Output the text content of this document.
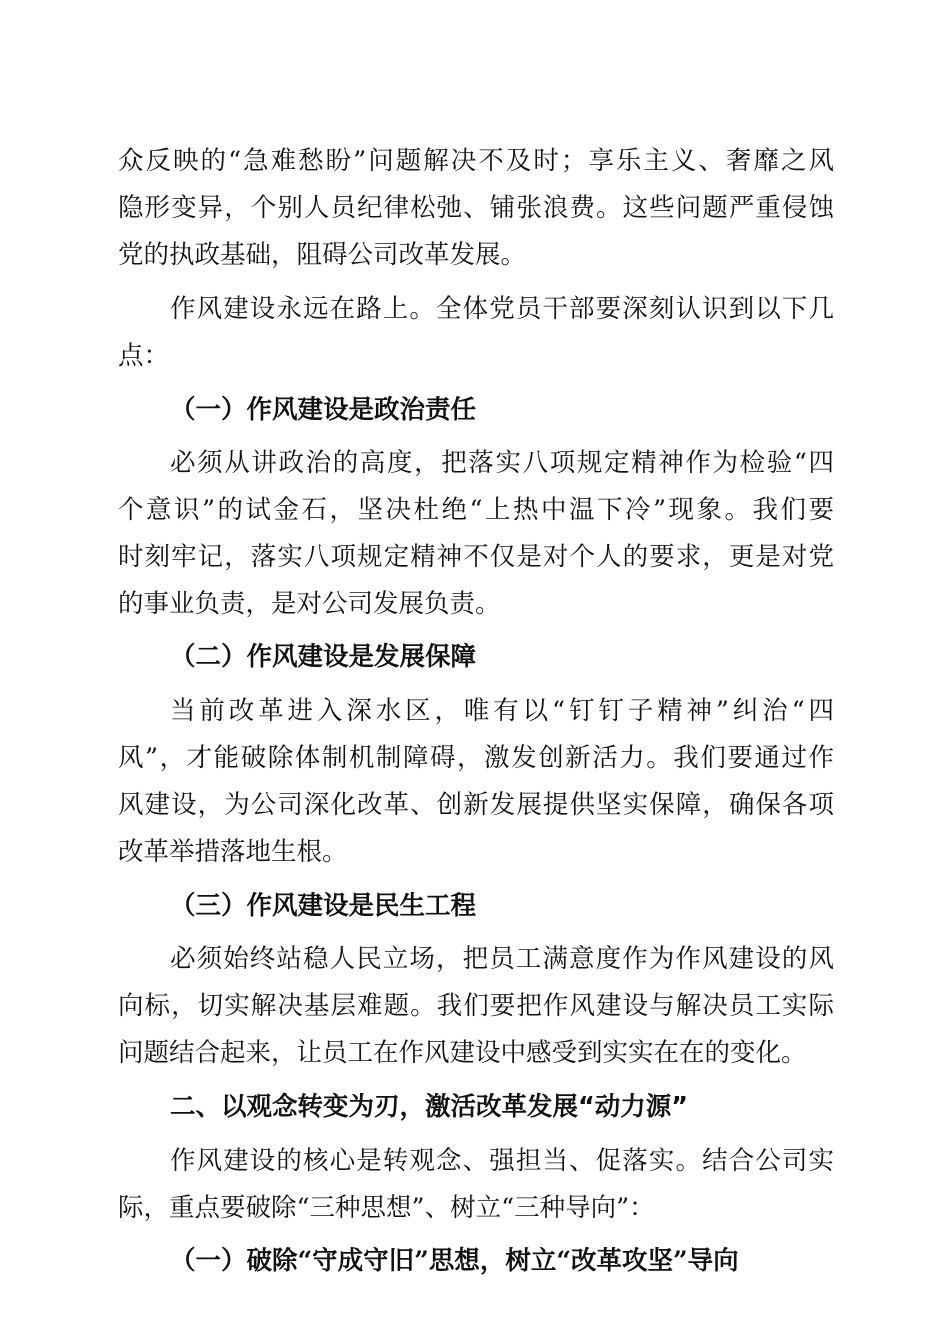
众反映的“急难愁盼”问题解决不及时；享乐主义、奢靡之风
隐形变异，个别人员纪律松弛、铺张浪费。这些问题严重侵蚀
党的执政基础，阻碍公司改革发展。
作风建设永远在路上。全体党员干部要深刻认识到以下几
点：
（一）作风建设是政治责任
必须从讲政治的高度，把落实八项规定精神作为检验“四
个意识”的试金石，坚决杜绝“上热中温下冷”现象。我们要
时刻牢记，落实八项规定精神不仅是对个人的要求，更是对党
的事业负责，是对公司发展负责。
（二）作风建设是发展保障
当前改革进入深水区，唯有以“钉钉子精神”纠治“四
风”，才能破除体制机制障碍，激发创新活力。我们要通过作
风建设，为公司深化改革、创新发展提供坚实保障，确保各项
改革举措落地生根。
（三）作风建设是民生工程
必须始终站稳人民立场，把员工满意度作为作风建设的风
向标，切实解决基层难题。我们要把作风建设与解决员工实际
问题结合起来，让员工在作风建设中感受到实实在在的变化。
二、以观念转变为刃，激活改革发展“动力源”
作风建设的核心是转观念、强担当、促落实。结合公司实
际，重点要破除“三种思想”、树立“三种导向”：
（一）破除“守成守旧”思想，树立“改革攻坚”导向
